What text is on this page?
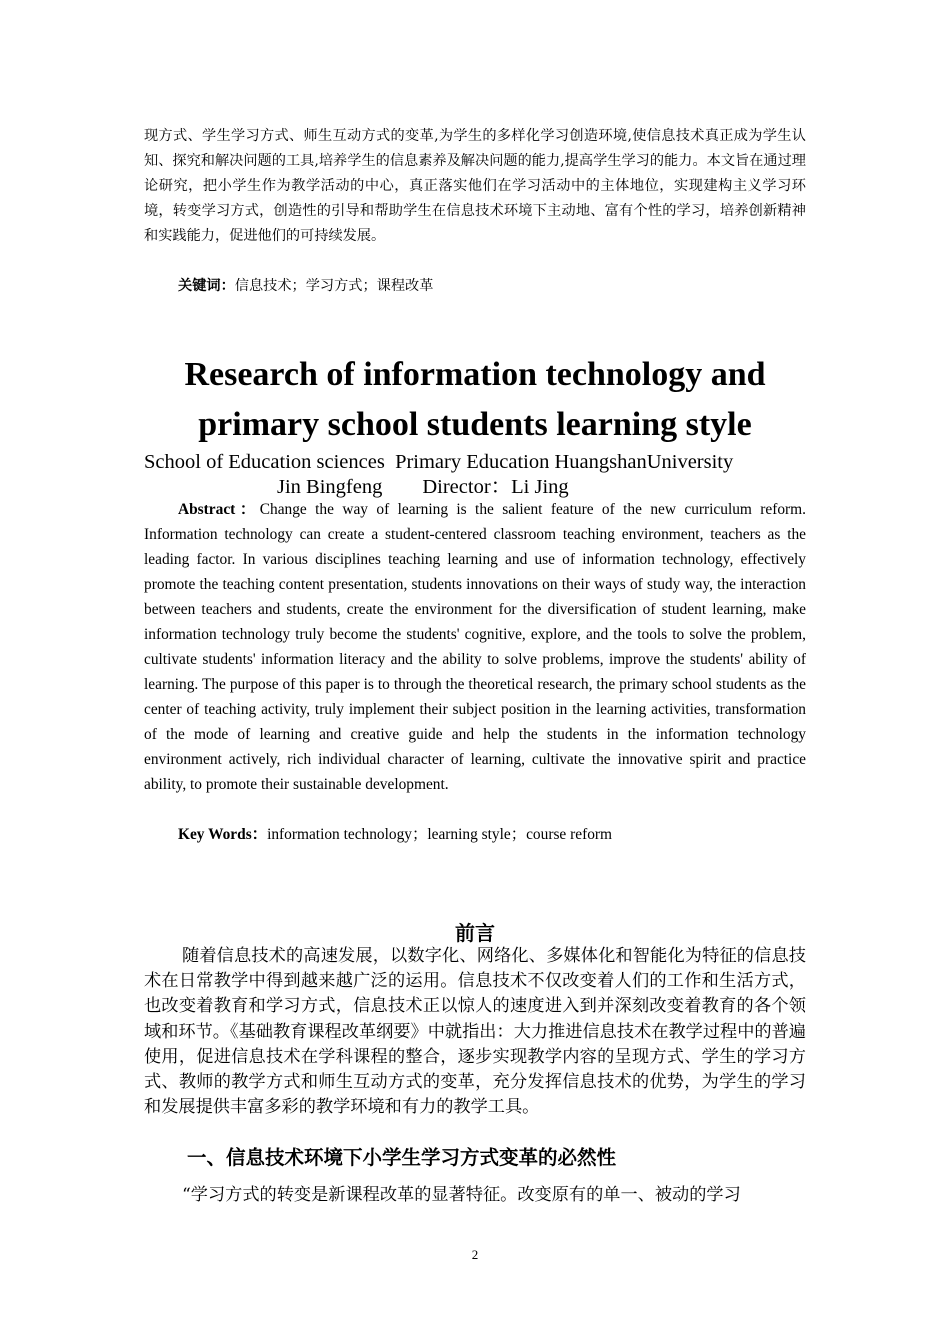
现方式、学生学习方式、师生互动方式的变革,为学生的多样化学习创造环境,使信息技术真正成为学生认知、探究和解决问题的工具,培养学生的信息素养及解决问题的能力,提高学生学习的能力。本文旨在通过理论研究，把小学生作为教学活动的中心，真正落实他们在学习活动中的主体地位，实现建构主义学习环境，转变学习方式，创造性的引导和帮助学生在信息技术环境下主动地、富有个性的学习，培养创新精神和实践能力，促进他们的可持续发展。
关键词：信息技术；学习方式；课程改革
Research of information technology and
primary school students learning style
School of Education sciences Primary Education HuangshanUniversity
Jin Bingfeng Director：Li Jing
Abstract：Change the way of learning is the salient feature of the new curriculum reform. Information technology can create a student-centered classroom teaching environment, teachers as the leading factor. In various disciplines teaching learning and use of information technology, effectively promote the teaching content presentation, students innovations on their ways of study way, the interaction between teachers and students, create the environment for the diversification of student learning, make information technology truly become the students' cognitive, explore, and the tools to solve the problem, cultivate students' information literacy and the ability to solve problems, improve the students' ability of learning. The purpose of this paper is to through the theoretical research, the primary school students as the center of teaching activity, truly implement their subject position in the learning activities, transformation of the mode of learning and creative guide and help the students in the information technology environment actively, rich individual character of learning, cultivate the innovative spirit and practice ability, to promote their sustainable development.
Key Words：information technology；learning style；course reform
前言
随着信息技术的高速发展，以数字化、网络化、多媒体化和智能化为特征的信息技术在日常教学中得到越来越广泛的运用。信息技术不仅改变着人们的工作和生活方式，也改变着教育和学习方式，信息技术正以惊人的速度进入到并深刻改变着教育的各个领域和环节。《基础教育课程改革纲要》中就指出：大力推进信息技术在教学过程中的普遍使用，促进信息技术在学科课程的整合，逐步实现教学内容的呈现方式、学生的学习方式、教师的教学方式和师生互动方式的变革，充分发挥信息技术的优势，为学生的学习和发展提供丰富多彩的教学环境和有力的教学工具。
一、信息技术环境下小学生学习方式变革的必然性
“学习方式的转变是新课程改革的显著特征。改变原有的单一、被动的学习
2
